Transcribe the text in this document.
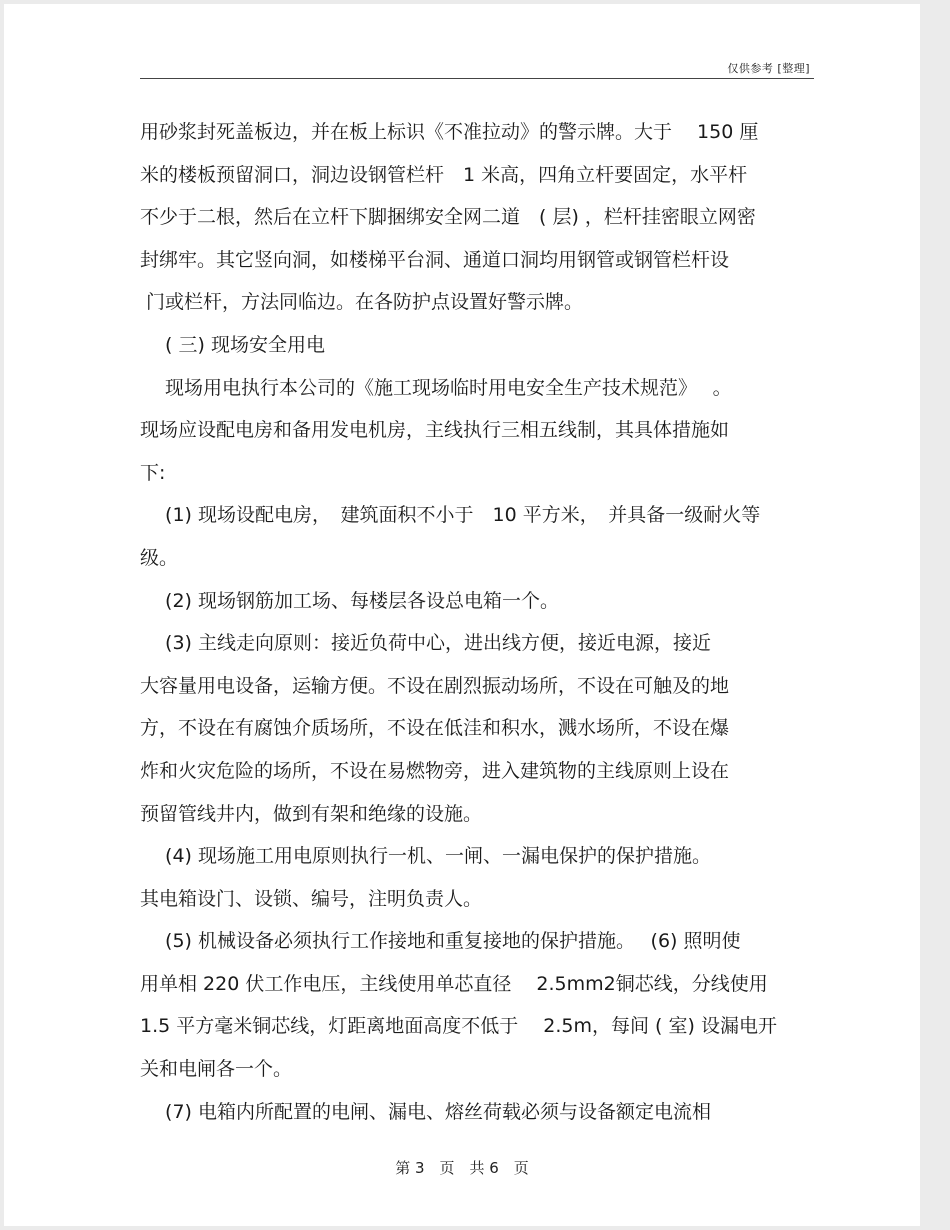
仅供参考 [整理]
用砂浆封死盖板边，并在板上标识《不准拉动》的警示牌。大于　 150 厘
米的楼板预留洞口，洞边设钢管栏杆　1 米高，四角立杆要固定，水平杆
不少于二根，然后在立杆下脚捆绑安全网二道　( 层) ，栏杆挂密眼立网密
封绑牢。其它竖向洞，如楼梯平台洞、通道口洞均用钢管或钢管栏杆设
门或栏杆，方法同临边。在各防护点设置好警示牌。
　 ( 三) 现场安全用电
　 现场用电执行本公司的《施工现场临时用电安全生产技术规范》　 。
现场应设配电房和备用发电机房，主线执行三相五线制，其具体措施如
下:
　 (1) 现场设配电房，　建筑面积不小于　10 平方米，　并具备一级耐火等
级。
　 (2) 现场钢筋加工场、每楼层各设总电箱一个。
　 (3) 主线走向原则：接近负荷中心，进出线方便，接近电源，接近
大容量用电设备，运输方便。不设在剧烈振动场所，不设在可触及的地
方，不设在有腐蚀介质场所，不设在低洼和积水，溅水场所，不设在爆
炸和火灾危险的场所，不设在易燃物旁，进入建筑物的主线原则上设在
预留管线井内，做到有架和绝缘的设施。
　 (4) 现场施工用电原则执行一机、一闸、一漏电保护的保护措施。
其电箱设门、设锁、编号，注明负责人。
　 (5) 机械设备必须执行工作接地和重复接地的保护措施。　 (6) 照明使
用单相 220 伏工作电压，主线使用单芯直径　 2.5mm2铜芯线，分线使用
1.5 平方毫米铜芯线，灯距离地面高度不低于　 2.5m，每间 ( 室) 设漏电开
关和电闸各一个。
　 (7) 电箱内所配置的电闸、漏电、熔丝荷载必须与设备额定电流相
第 3　页　共 6　页
